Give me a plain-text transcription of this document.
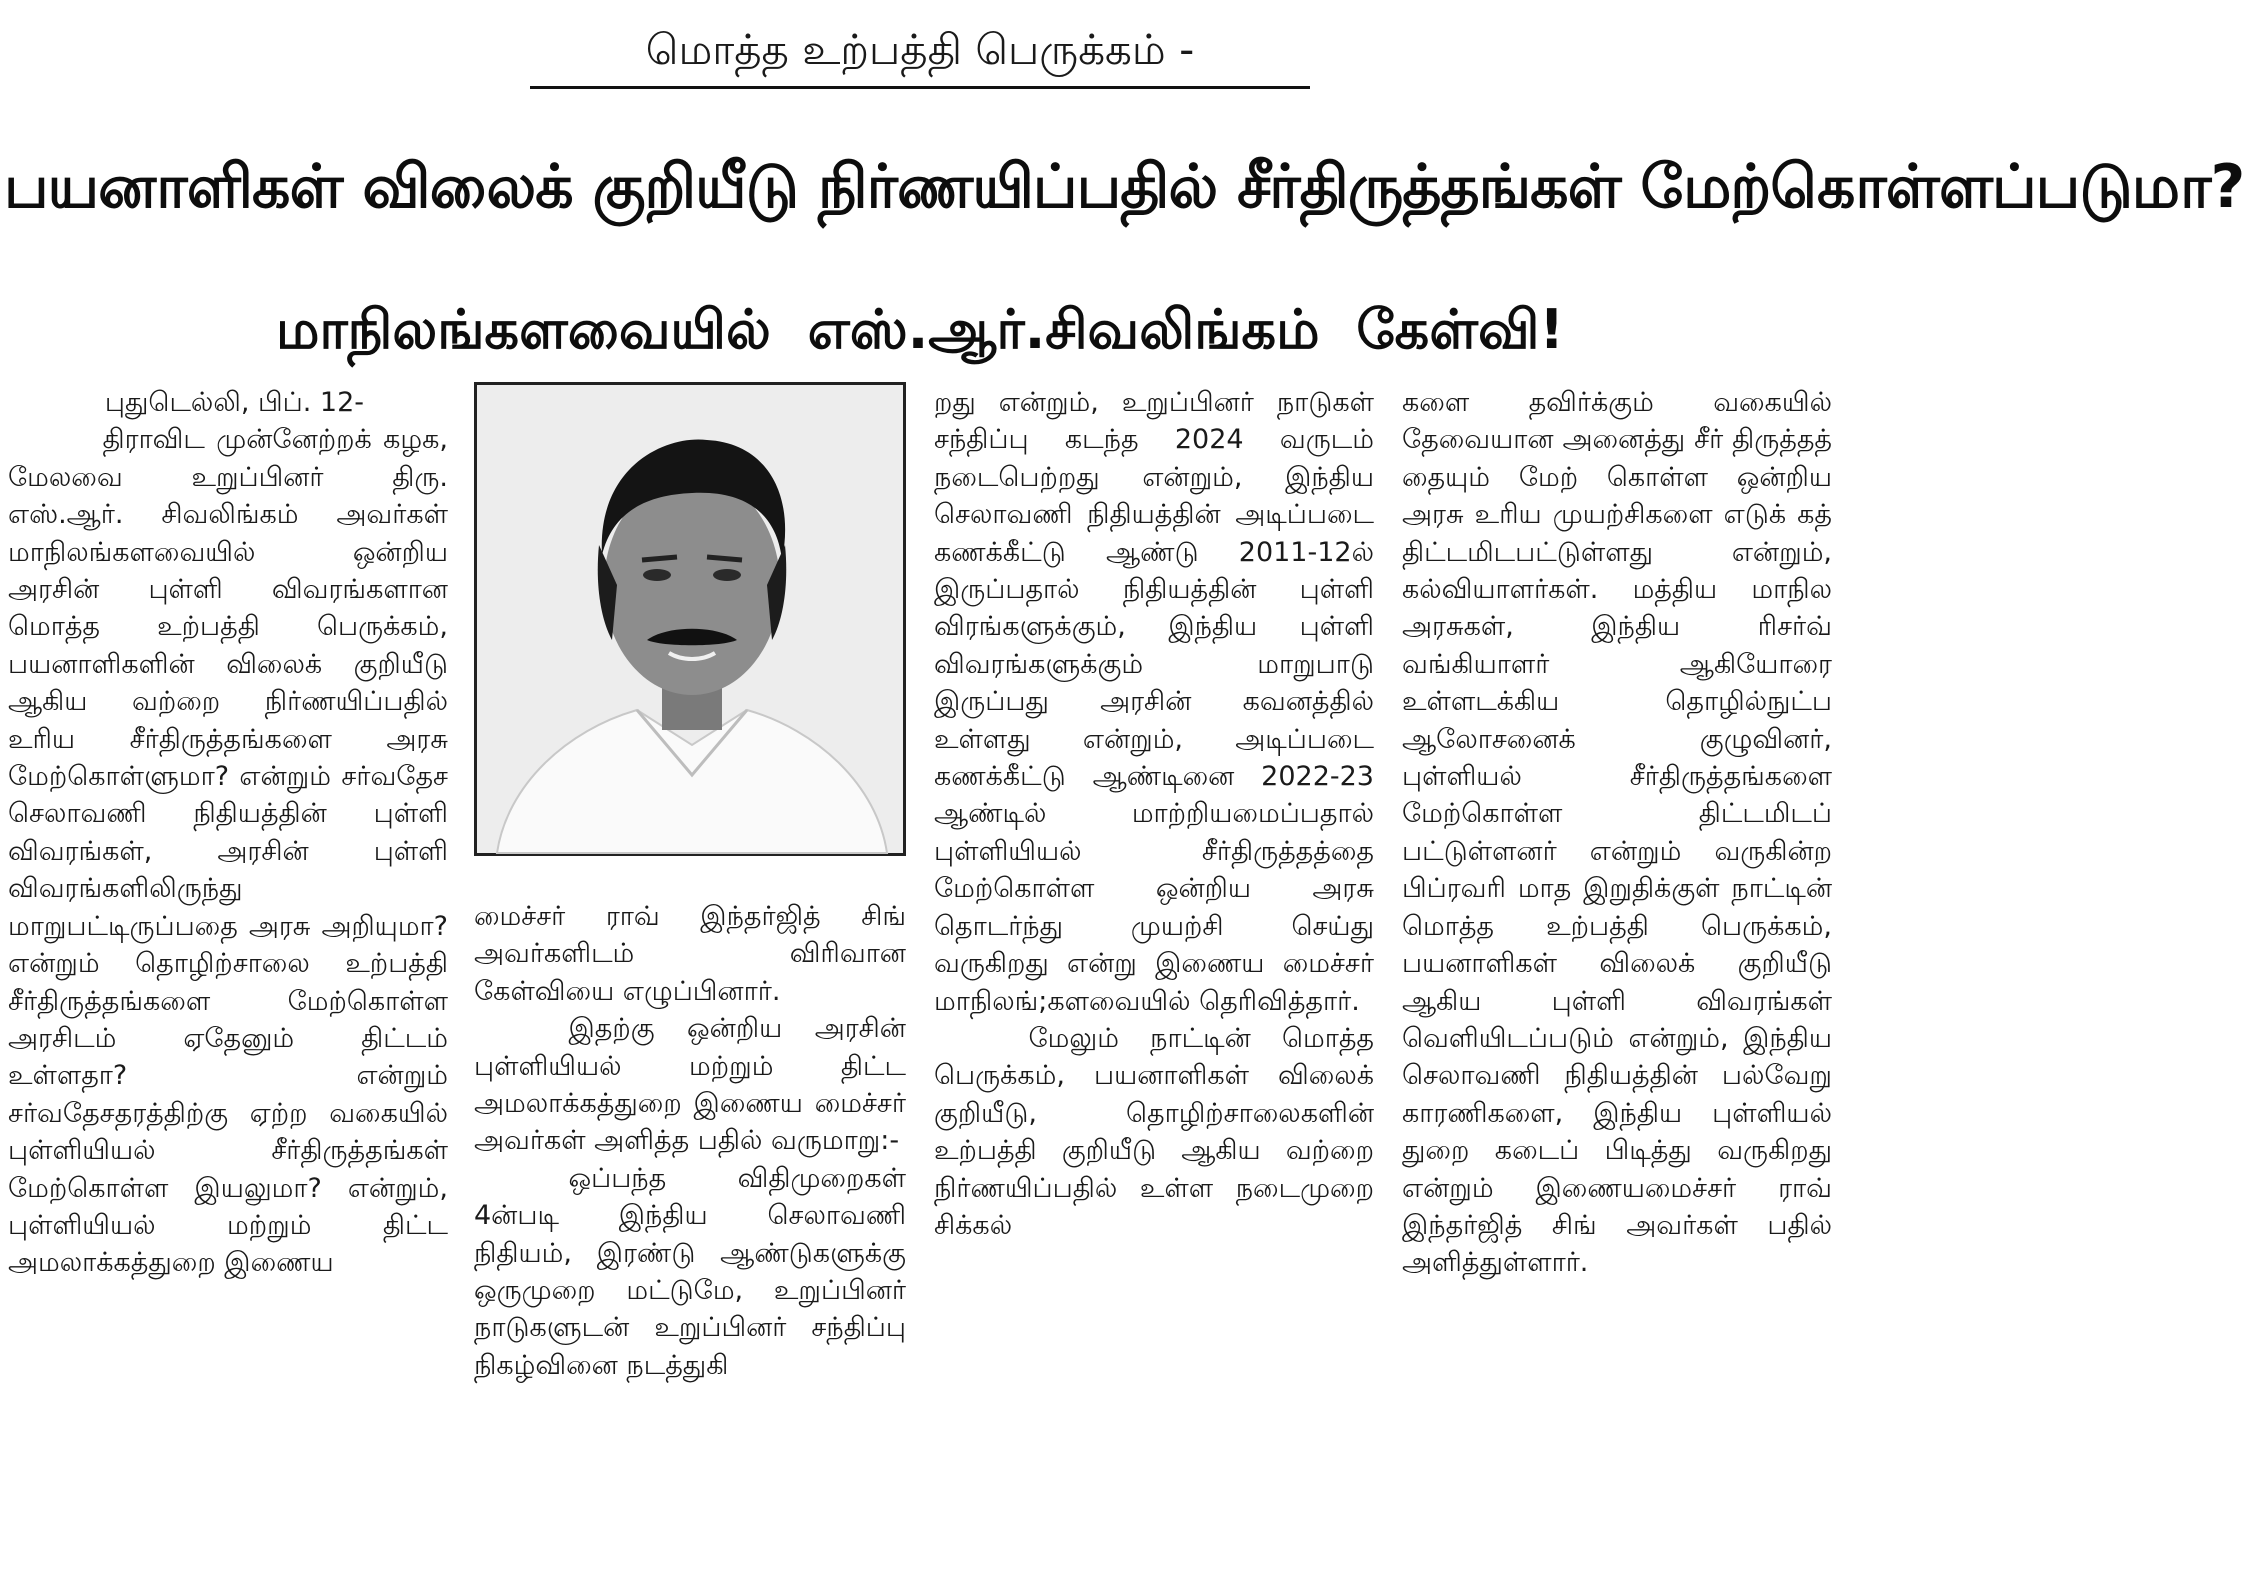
மொத்த உற்பத்தி பெருக்கம் -
பயனாளிகள் விலைக் குறியீடு நிர்ணயிப்பதில் சீர்திருத்தங்கள் மேற்கொள்ளப்படுமா?
மாநிலங்களவையில் எஸ்.ஆர்.சிவலிங்கம் கேள்வி!
புதுடெல்லி, பிப். 12-

திராவிட முன்னேற்றக் கழக, மேலவை உறுப்பினர் திரு. எஸ்.ஆர். சிவலிங்கம் அவர்கள் மாநிலங்களவையில் ஒன்றிய அரசின் புள்ளி விவரங்களான மொத்த உற்பத்தி பெருக்கம், பயனாளிகளின் விலைக் குறியீடு ஆகிய வற்றை நிர்ணயிப்பதில் உரிய சீர்திருத்தங்களை அரசு மேற்கொள்ளுமா? என்றும் சர்வதேச செலாவணி நிதியத்தின் புள்ளி விவரங்கள், அரசின் புள்ளி விவரங்களிலிருந்து மாறுபட்டிருப்பதை அரசு அறியுமா? என்றும் தொழிற்சாலை உற்பத்தி சீர்திருத்தங்களை மேற்கொள்ள அரசிடம் ஏதேனும் திட்டம் உள்ளதா? என்றும் சர்வதேசதரத்திற்கு ஏற்ற வகையில் புள்ளியியல் சீர்திருத்தங்கள் மேற்கொள்ள இயலுமா? என்றும், புள்ளியியல் மற்றும் திட்ட அமலாக்கத்துறை இணைய

மைச்சர் ராவ் இந்தர்ஜித் சிங் அவர்களிடம் விரிவான கேள்வியை எழுப்பினார்.

இதற்கு ஒன்றிய அரசின் புள்ளியியல் மற்றும் திட்ட அமலாக்கத்துறை இணைய மைச்சர் அவர்கள் அளித்த பதில் வருமாறு:-

ஒப்பந்த விதிமுறைகள் 4ன்படி இந்திய செலாவணி நிதியம், இரண்டு ஆண்டுகளுக்கு ஒருமுறை மட்டுமே, உறுப்பினர் நாடுகளுடன் உறுப்பினர் சந்திப்பு நிகழ்வினை நடத்துகி

றது என்றும், உறுப்பினர் நாடுகள் சந்திப்பு கடந்த 2024 வருடம் நடைபெற்றது என்றும், இந்திய செலாவணி நிதியத்தின் அடிப்படை கணக்கீட்டு ஆண்டு 2011-12ல் இருப்பதால் நிதியத்தின் புள்ளி விரங்களுக்கும், இந்திய புள்ளி விவரங்களுக்கும் மாறுபாடு இருப்பது அரசின் கவனத்தில் உள்ளது என்றும், அடிப்படை கணக்கீட்டு ஆண்டினை 2022-23 ஆண்டில் மாற்றியமைப்பதால் புள்ளியியல் சீர்திருத்தத்தை மேற்கொள்ள ஒன்றிய அரசு தொடர்ந்து முயற்சி செய்து வருகிறது என்று இணைய மைச்சர் மாநிலங்;களவையில் தெரிவித்தார்.

மேலும் நாட்டின் மொத்த பெருக்கம், பயனாளிகள் விலைக் குறியீடு, தொழிற்சாலைகளின் உற்பத்தி குறியீடு ஆகிய வற்றை நிர்ணயிப்பதில் உள்ள நடைமுறை சிக்கல்

களை தவிர்க்கும் வகையில் தேவையான அனைத்து சீர் திருத்தத் தையும் மேற் கொள்ள ஒன்றிய அரசு உரிய முயற்சிகளை எடுக் கத் திட்டமிடபட்டுள்ளது என்றும், கல்வியாளர்கள். மத்திய மாநில அரசுகள், இந்திய ரிசர்வ் வங்கியாளர் ஆகியோரை உள்ளடக்கிய தொழில்நுட்ப ஆலோசனைக் குழுவினர், புள்ளியல் சீர்திருத்தங்களை மேற்கொள்ள திட்டமிடப் பட்டுள்ளனர் என்றும் வருகின்ற பிப்ரவரி மாத இறுதிக்குள் நாட்டின் மொத்த உற்பத்தி பெருக்கம், பயனாளிகள் விலைக் குறியீடு ஆகிய புள்ளி விவரங்கள் வெளியிடப்படும் என்றும், இந்திய செலாவணி நிதியத்தின் பல்வேறு காரணிகளை, இந்திய புள்ளியல் துறை கடைப் பிடித்து வருகிறது என்றும் இணையமைச்சர் ராவ் இந்தர்ஜித் சிங் அவர்கள் பதில் அளித்துள்ளார்.
